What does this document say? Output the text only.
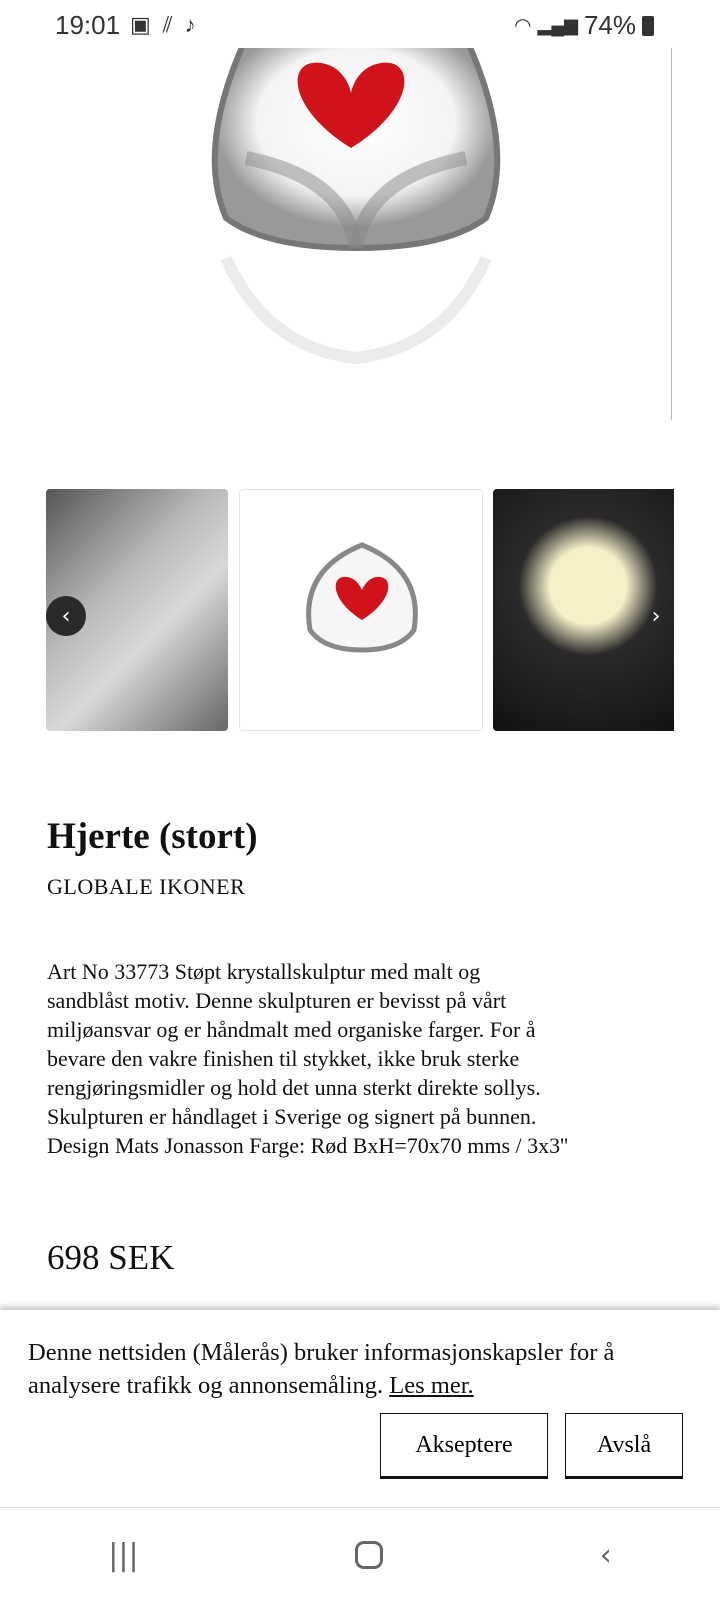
19:01 ▣ ⫽ ♪	◠ ▂▄▆ 74%
‹	›
Hjerte (stort)
GLOBALE IKONER
Art No 33773 Støpt krystallskulptur med malt og
sandblåst motiv. Denne skulpturen er bevisst på vårt
miljøansvar og er håndmalt med organiske farger. For å
bevare den vakre finishen til stykket, ikke bruk sterke
rengjøringsmidler og hold det unna sterkt direkte sollys.
Skulpturen er håndlaget i Sverige og signert på bunnen.
Design Mats Jonasson Farge: Rød BxH=70x70 mms / 3x3''
698 SEK

Denne nettsiden (Målerås) bruker informasjonskapsler for å analysere trafikk og annonsemåling. Les mer.

Akseptere	Avslå
|||	‹
